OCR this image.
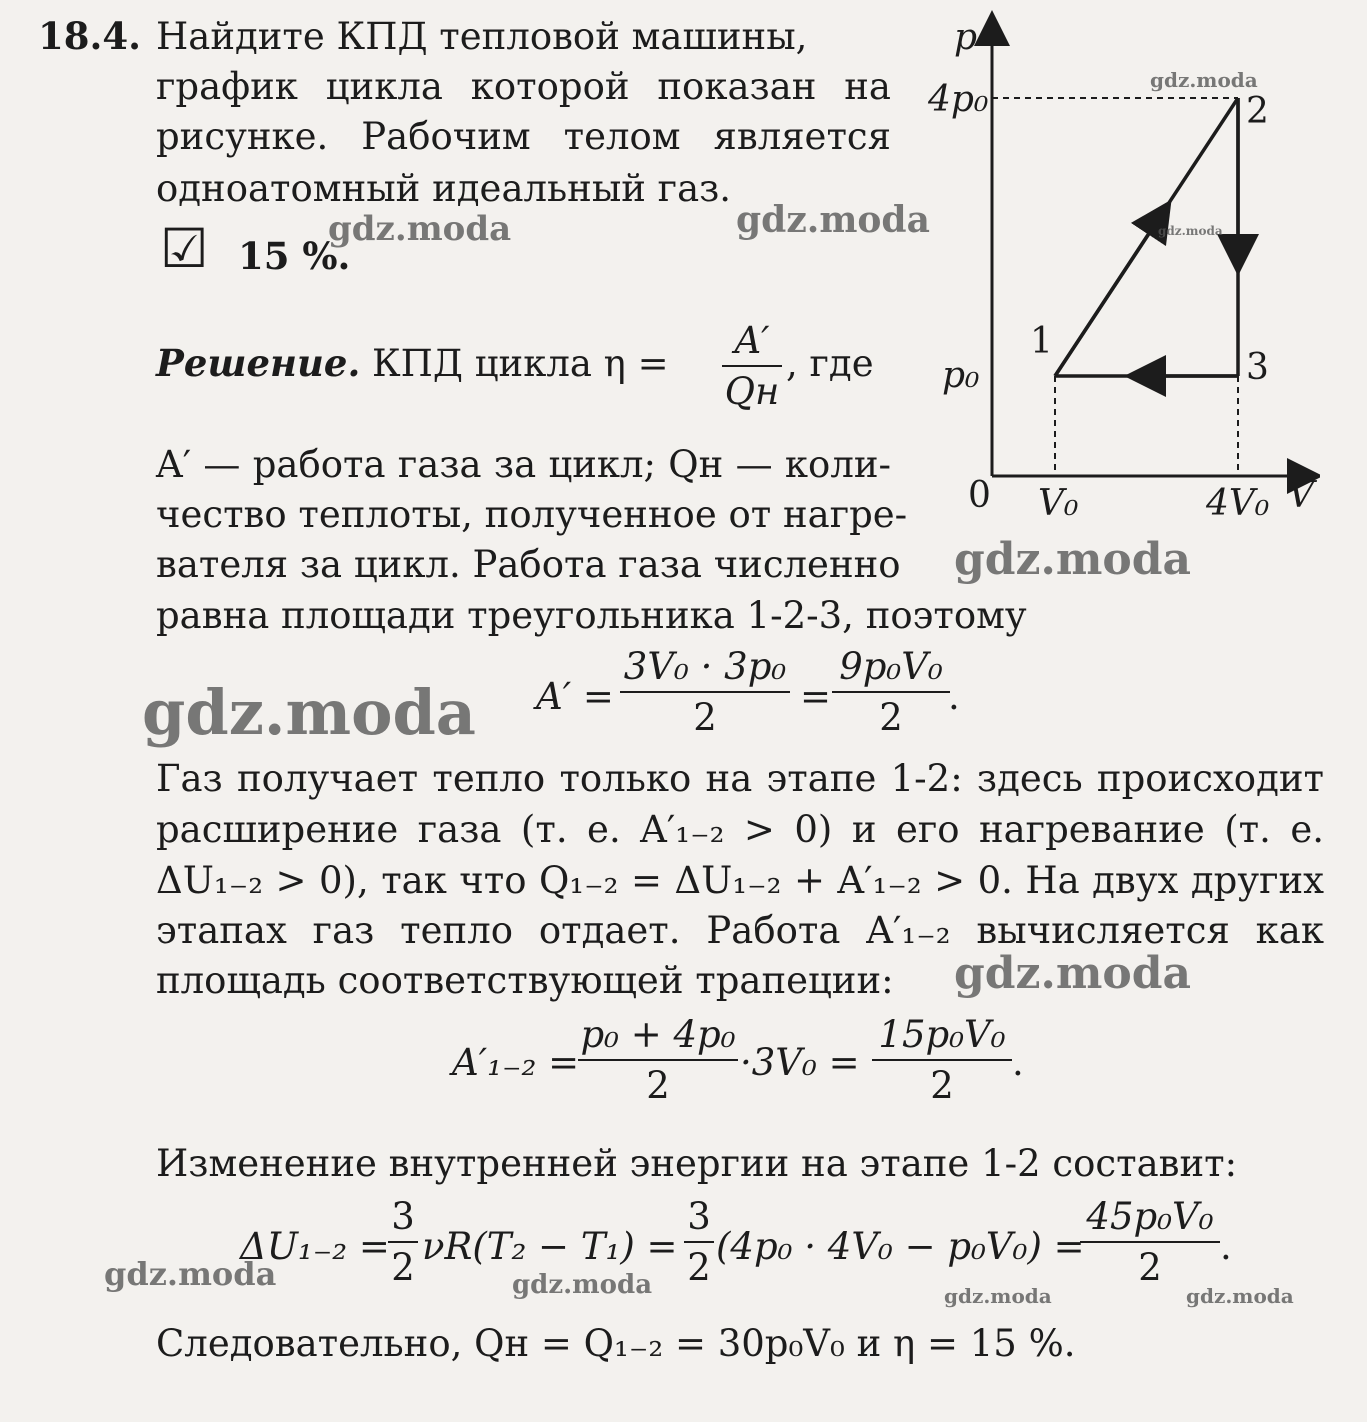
18.4. Найдите КПД тепловой машины,
график цикла которой показан на
рисунке. Рабочим телом является
одноатомный идеальный газ.
☑ 15 %.
Решение. КПД цикла η =
A′
Qн
, где
A′ — работа газа за цикл; Qн — коли-
чество теплоты, полученное от нагре-
вателя за цикл. Работа газа численно
равна площади треугольника 1-2-3, поэтому
A′ =
3V₀ · 3p₀
2	=
9p₀V₀
2	.
Газ получает тепло только на этапе 1-2: здесь происходит
расширение газа (т. е. A′₁₋₂ > 0) и его нагревание (т. е.
ΔU₁₋₂ > 0), так что Q₁₋₂ = ΔU₁₋₂ + A′₁₋₂ > 0. На двух других
этапах газ тепло отдает. Работа A′₁₋₂ вычисляется как
площадь соответствующей трапеции:
A′₁₋₂ =
p₀ + 4p₀
2
·3V₀ =
15p₀V₀
2
.
Изменение внутренней энергии на этапе 1-2 составит:
ΔU₁₋₂ =
3
2 νR(T₂ − T₁) =
3
2 (4p₀ · 4V₀ − p₀V₀) =
45p₀V₀
2	.
Следовательно, Qн = Q₁₋₂ = 30p₀V₀ и η = 15 %.
p
V
0
4p₀
p₀
V₀	4V₀
1
2
3
gdz.moda
gdz.moda
gdz.moda	gdz.moda
gdz.moda
gdz.moda
gdz.moda
gdz.moda	gdz.moda	gdz.moda	gdz.moda
